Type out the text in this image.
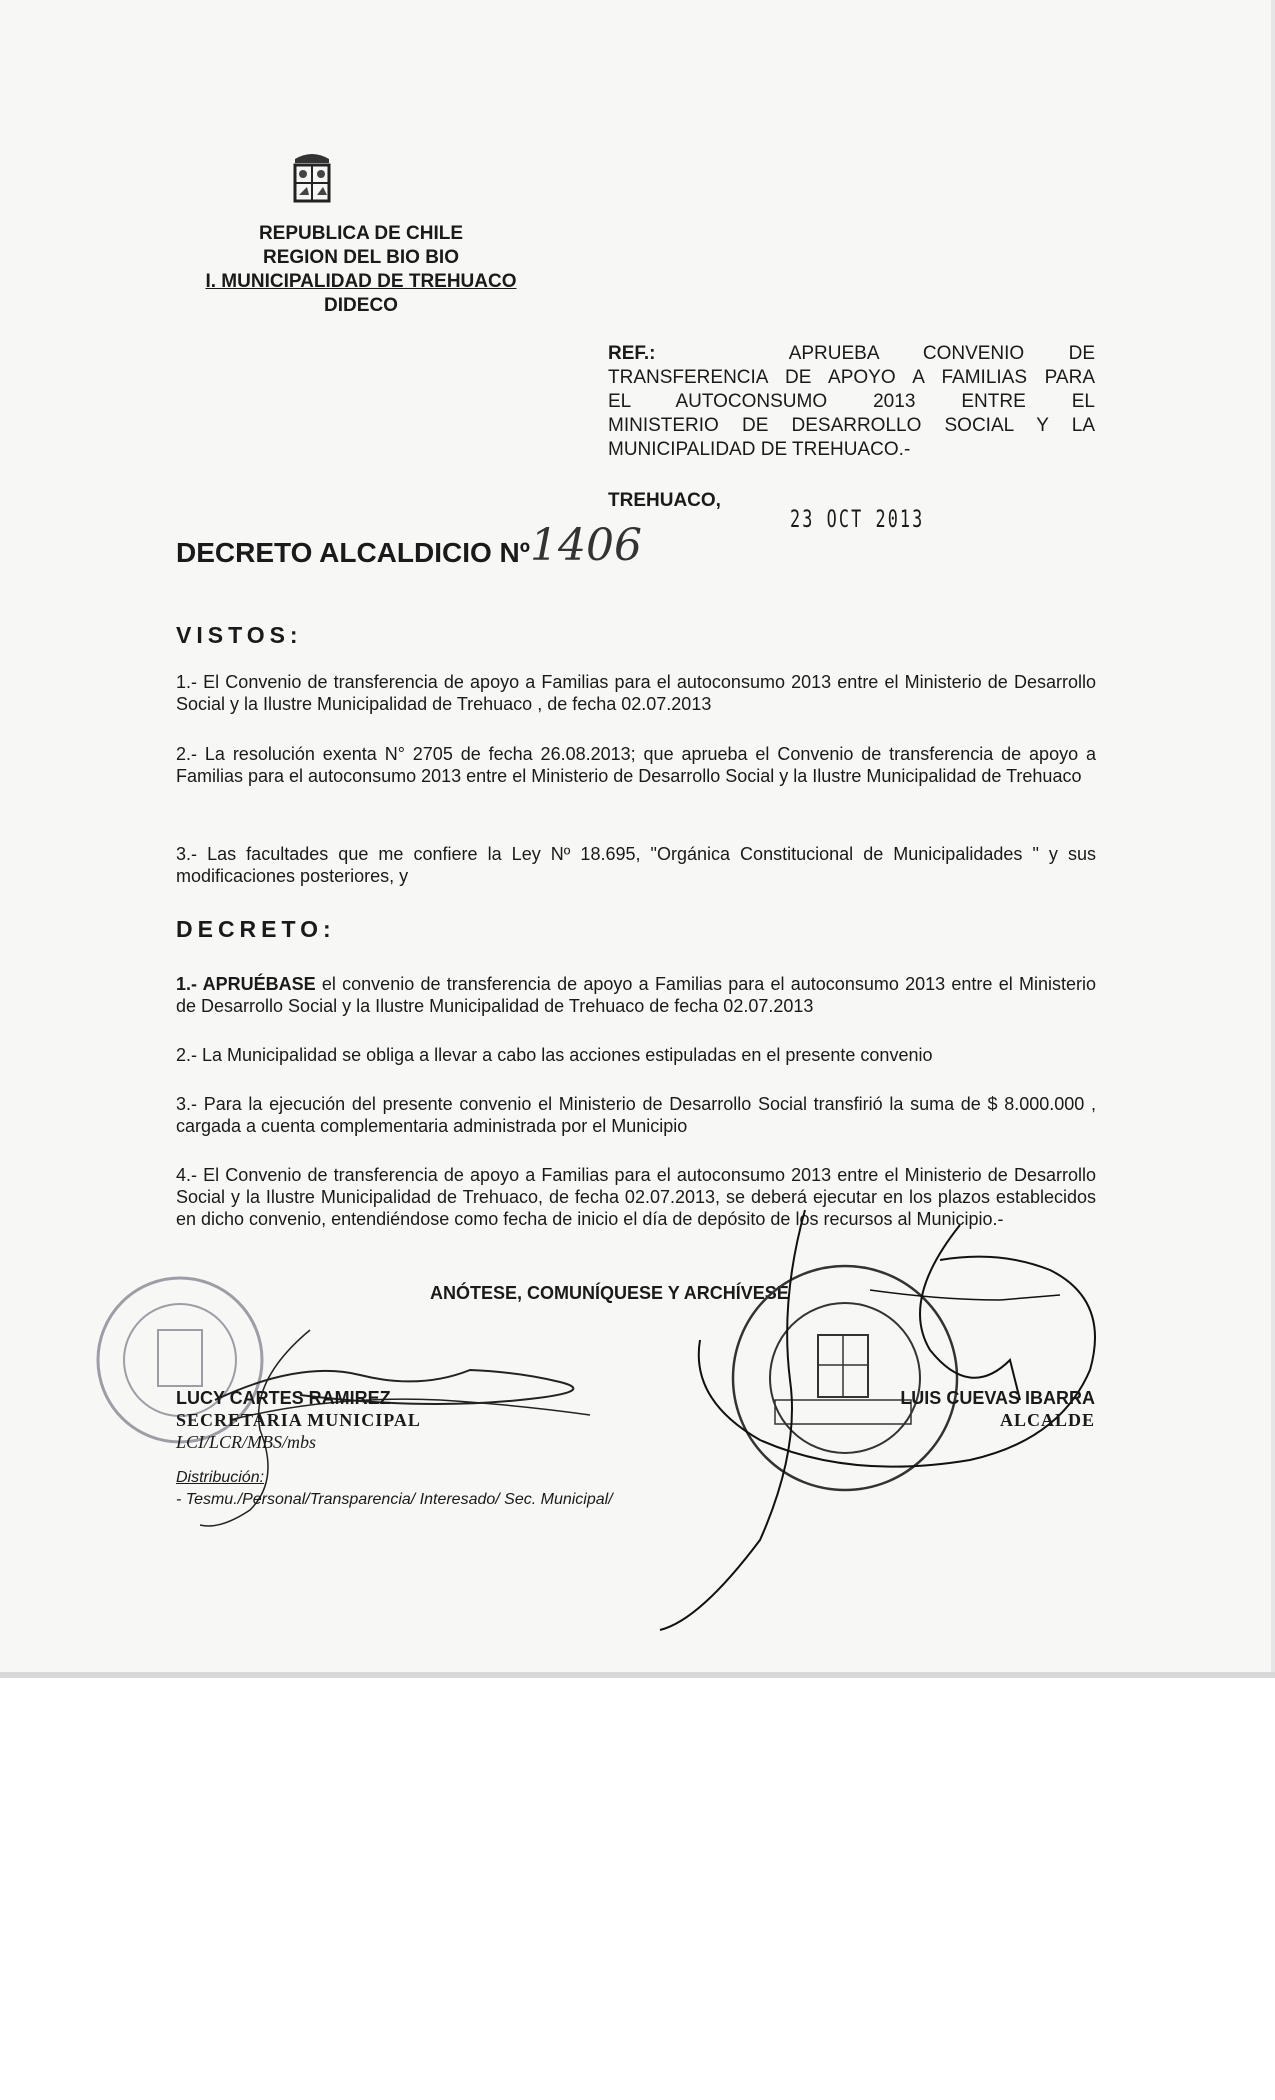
REPUBLICA DE CHILE
REGION DEL BIO BIO
I. MUNICIPALIDAD DE TREHUACO
DIDECO
REF.:	APRUEBA CONVENIO DE
TRANSFERENCIA DE APOYO A FAMILIAS PARA
EL AUTOCONSUMO 2013 ENTRE EL
MINISTERIO DE DESARROLLO SOCIAL Y LA
MUNICIPALIDAD DE TREHUACO.-
TREHUACO,
23 OCT 2013
DECRETO ALCALDICIO Nº 1406
VISTOS:
1.- El Convenio de transferencia de apoyo a Familias para el autoconsumo 2013 entre el Ministerio de Desarrollo Social y la Ilustre Municipalidad de Trehuaco , de fecha 02.07.2013
2.- La resolución exenta N° 2705 de fecha 26.08.2013; que aprueba el Convenio de transferencia de apoyo a Familias para el autoconsumo 2013 entre el Ministerio de Desarrollo Social y la Ilustre Municipalidad de Trehuaco
3.- Las facultades que me confiere la Ley Nº 18.695, "Orgánica Constitucional de Municipalidades " y sus modificaciones posteriores, y
DECRETO:
1.- APRUÉBASE el convenio de transferencia de apoyo a Familias para el autoconsumo 2013 entre el Ministerio de Desarrollo Social y la Ilustre Municipalidad de Trehuaco de fecha 02.07.2013
2.- La Municipalidad se obliga a llevar a cabo las acciones estipuladas en el presente convenio
3.- Para la ejecución del presente convenio el Ministerio de Desarrollo Social transfirió la suma de $ 8.000.000 , cargada a cuenta complementaria administrada por el Municipio
4.- El Convenio de transferencia de apoyo a Familias para el autoconsumo 2013 entre el Ministerio de Desarrollo Social y la Ilustre Municipalidad de Trehuaco, de fecha 02.07.2013, se deberá ejecutar en los plazos establecidos en dicho convenio, entendiéndose como fecha de inicio el día de depósito de los recursos al Municipio.-
ANÓTESE, COMUNÍQUESE Y ARCHÍVESE
LUCY CARTES RAMIREZ
SECRETARIA MUNICIPAL
LCI/LCR/MBS/mbs
Distribución:
- Tesmu./Personal/Transparencia/ Interesado/ Sec. Municipal/
LUIS CUEVAS IBARRA
ALCALDE
